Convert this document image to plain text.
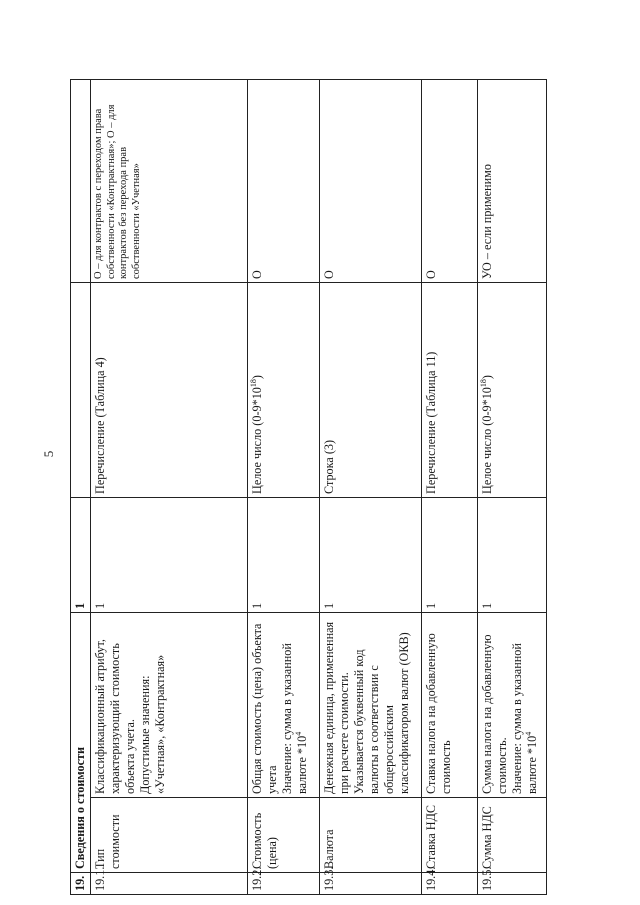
5
19.	Сведения о стоимости		1		
19.1.	Тип стоимости	Классификационный атрибут, характеризующий стоимость объекта учета. Допустимые значения: «Учетная», «Контрактная»	1	Перечисление (Таблица 4)	О – для контрактов с переходом права собственности «Контрактная»; О – для контрактов без перехода прав собственности «Учетная»
19.2.	Стоимость (цена)	Общая стоимость (цена) объекта учета Значение: сумма в указанной валюте $*10^4$	1	Целое число $(0-9*10^{18})$	О
19.3.	Валюта	Денежная единица, примененная при расчете стоимости. Указывается буквенный код валюты в соответствии с общероссийским классификатором валют (ОКВ)	1	Строка (3)	О
19.4.	Ставка НДС	Ставка налога на добавленную стоимость	1	Перечисление (Таблица 11)	О
19.5.	Сумма НДС	Сумма налога на добавленную стоимость. Значение: сумма в указанной валюте $*10^4$	1	Целое число $(0-9*10^{18})$	УО – если применимо
